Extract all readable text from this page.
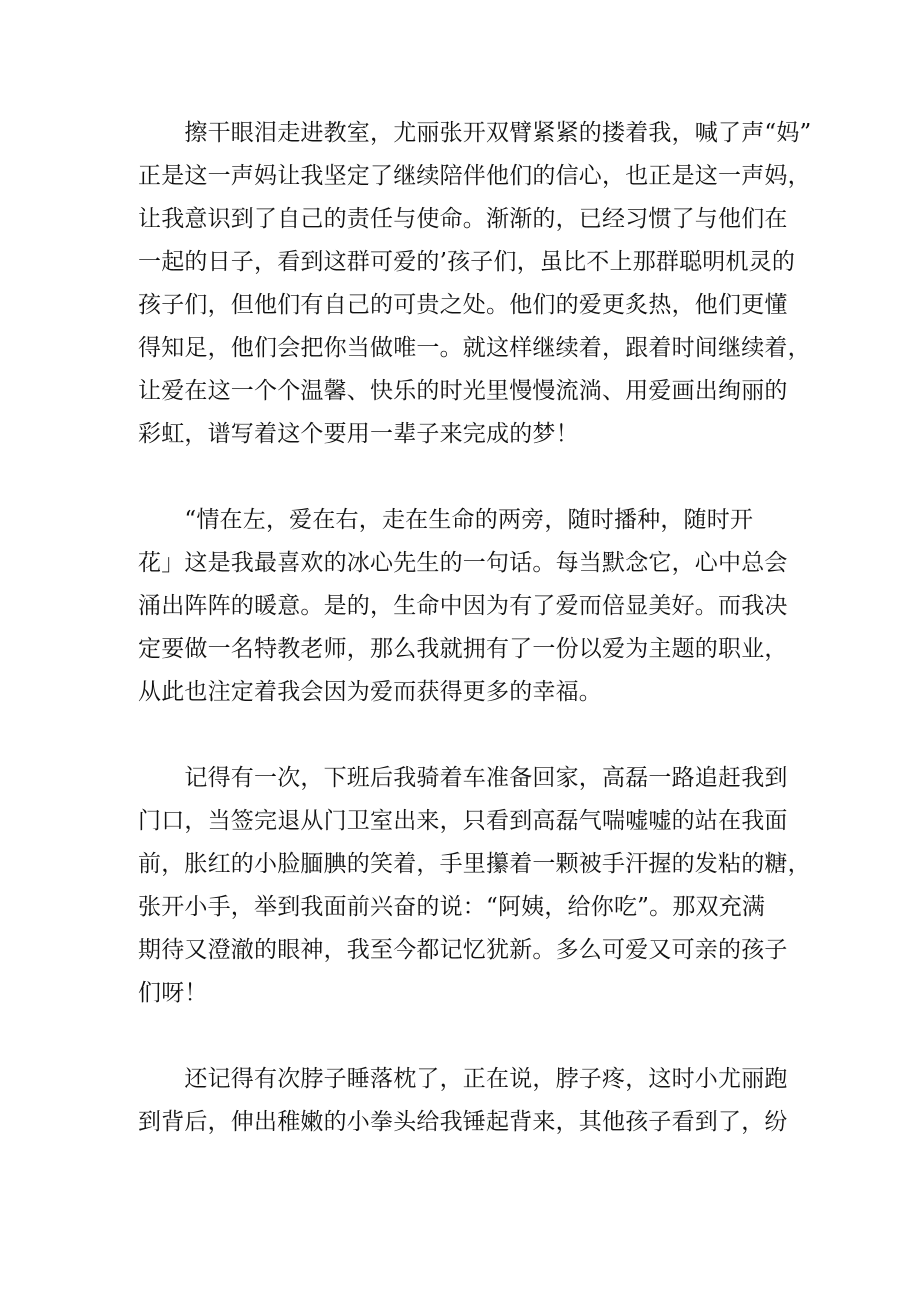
　　擦干眼泪走进教室，尤丽张开双臂紧紧的搂着我，喊了声“妈”

正是这一声妈让我坚定了继续陪伴他们的信心，也正是这一声妈，

让我意识到了自己的责任与使命。渐渐的，已经习惯了与他们在

一起的日子，看到这群可爱的’孩子们，虽比不上那群聪明机灵的

孩子们，但他们有自己的可贵之处。他们的爱更炙热，他们更懂

得知足，他们会把你当做唯一。就这样继续着，跟着时间继续着，

让爱在这一个个温馨、快乐的时光里慢慢流淌、用爱画出绚丽的

彩虹，谱写着这个要用一辈子来完成的梦！

　　“情在左，爱在右，走在生命的两旁，随时播种，随时开

花」这是我最喜欢的冰心先生的一句话。每当默念它，心中总会

涌出阵阵的暖意。是的，生命中因为有了爱而倍显美好。而我决

定要做一名特教老师，那么我就拥有了一份以爱为主题的职业，

从此也注定着我会因为爱而获得更多的幸福。

　　记得有一次，下班后我骑着车准备回家，高磊一路追赶我到

门口，当签完退从门卫室出来，只看到高磊气喘嘘嘘的站在我面

前，胀红的小脸腼腆的笑着，手里攥着一颗被手汗握的发粘的糖，

张开小手，举到我面前兴奋的说：“阿姨，给你吃”。那双充满

期待又澄澈的眼神，我至今都记忆犹新。多么可爱又可亲的孩子

们呀！

　　还记得有次脖子睡落枕了，正在说，脖子疼，这时小尤丽跑

到背后，伸出稚嫩的小拳头给我锤起背来，其他孩子看到了，纷
